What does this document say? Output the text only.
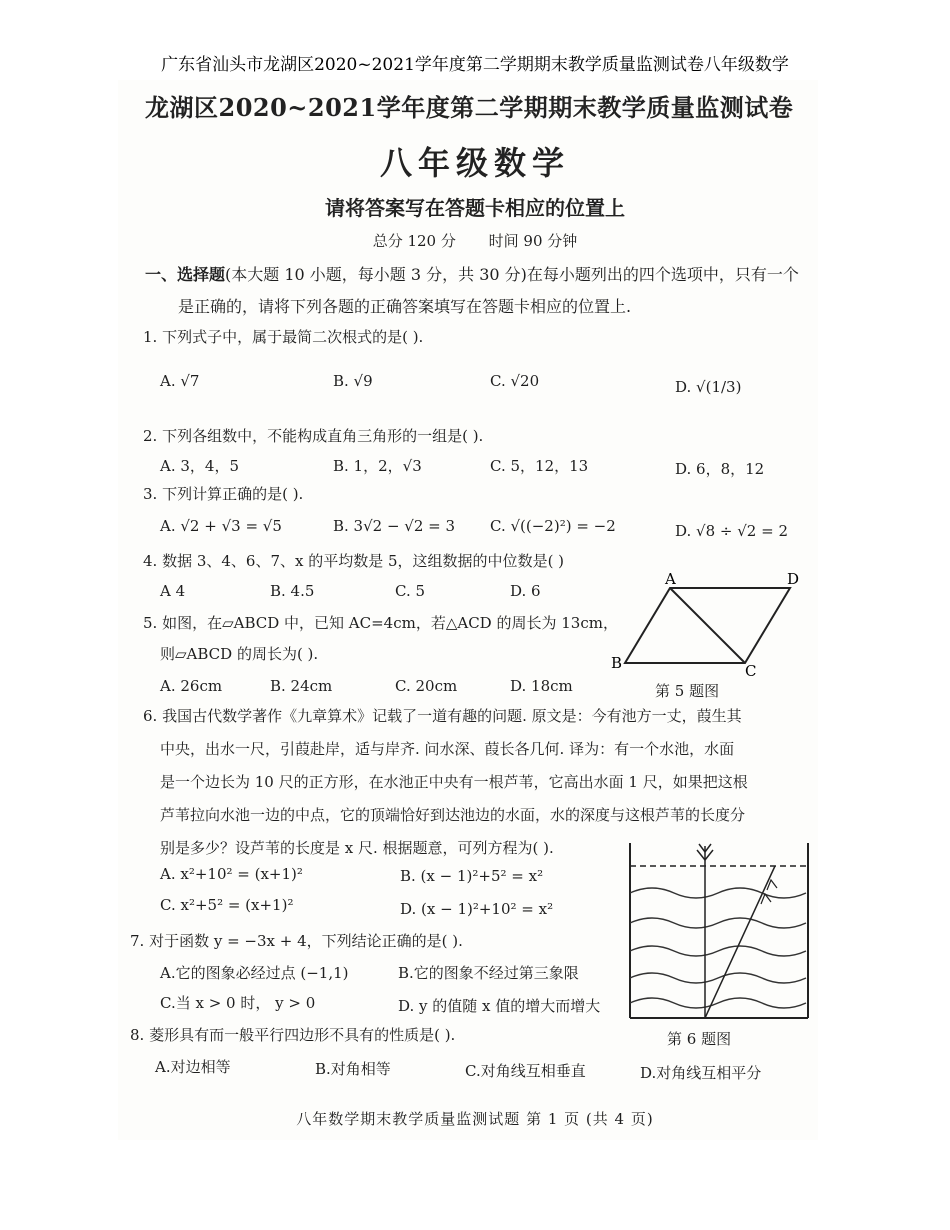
广东省汕头市龙湖区2020~2021学年度第二学期期末教学质量监测试卷八年级数学
龙湖区2020~2021学年度第二学期期末教学质量监测试卷
八年级数学
请将答案写在答题卡相应的位置上
总分 120 分 时间 90 分钟
一、选择题(本大题 10 小题，每小题 3 分，共 30 分)在每小题列出的四个选项中，只有一个
是正确的，请将下列各题的正确答案填写在答题卡相应的位置上.
1. 下列式子中，属于最简二次根式的是( ).
A. √7	B. √9	C. √20	D. √(1/3)
2. 下列各组数中，不能构成直角三角形的一组是( ).
A. 3，4，5	B. 1，2，√3	C. 5，12，13	D. 6，8，12
3. 下列计算正确的是( ).
A. √2 + √3 = √5	B. 3√2 − √2 = 3 C. √((−2)²) = −2	D. √8 ÷ √2 = 2
4. 数据 3、4、6、7、x 的平均数是 5，这组数据的中位数是( )
A 4	B. 4.5	C. 5	D. 6
5. 如图，在▱ABCD 中，已知 AC=4cm，若△ACD 的周长为 13cm，
则▱ABCD 的周长为( ).
A. 26cm	B. 24cm	C. 20cm	D. 18cm
A	D
B	C
第 5 题图
6. 我国古代数学著作《九章算术》记载了一道有趣的问题. 原文是：今有池方一丈，葭生其
中央，出水一尺，引葭赴岸，适与岸齐. 问水深、葭长各几何. 译为：有一个水池，水面
是一个边长为 10 尺的正方形，在水池正中央有一根芦苇，它高出水面 1 尺，如果把这根
芦苇拉向水池一边的中点，它的顶端恰好到达池边的水面，水的深度与这根芦苇的长度分
别是多少？设芦苇的长度是 x 尺. 根据题意，可列方程为( ).
A. x²+10² = (x+1)²	B. (x − 1)²+5² = x²
C. x²+5² = (x+1)²	D. (x − 1)²+10² = x²
第 6 题图
7. 对于函数 y = −3x + 4，下列结论正确的是( ).
A.它的图象必经过点 (−1,1)	B.它的图象不经过第三象限
C.当 x > 0 时， y > 0	D. y 的值随 x 值的增大而增大
8. 菱形具有而一般平行四边形不具有的性质是( ).
A.对边相等	B.对角相等	C.对角线互相垂直	D.对角线互相平分
八年数学期末教学质量监测试题 第 1 页 (共 4 页)
